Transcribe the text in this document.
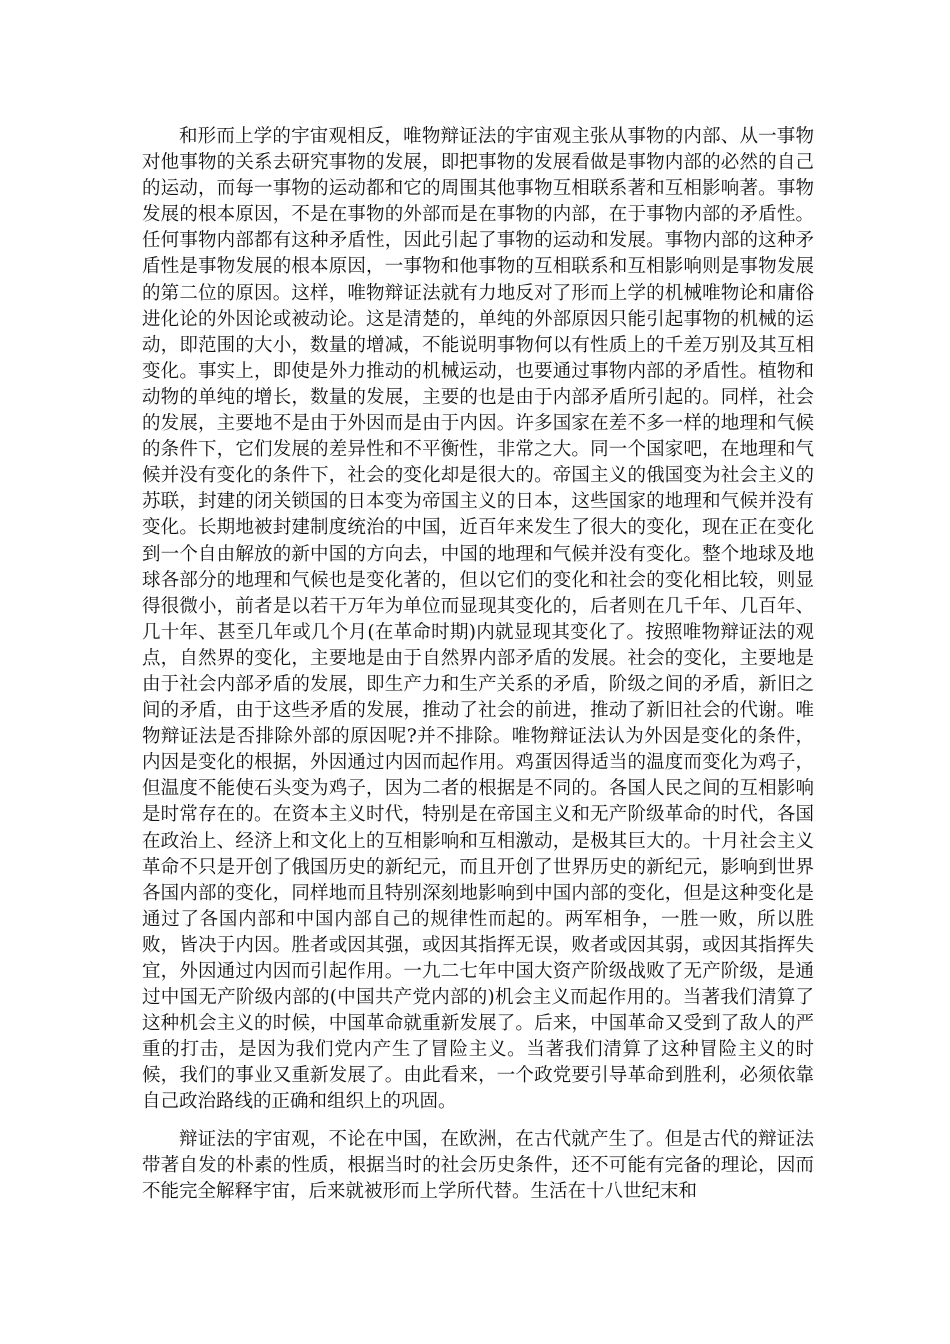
和形而上学的宇宙观相反，唯物辩证法的宇宙观主张从事物的内部、从一事物对他事物的关系去研究事物的发展，即把事物的发展看做是事物内部的必然的自己的运动，而每一事物的运动都和它的周围其他事物互相联系著和互相影响著。事物发展的根本原因，不是在事物的外部而是在事物的内部，在于事物内部的矛盾性。任何事物内部都有这种矛盾性，因此引起了事物的运动和发展。事物内部的这种矛盾性是事物发展的根本原因，一事物和他事物的互相联系和互相影响则是事物发展的第二位的原因。这样，唯物辩证法就有力地反对了形而上学的机械唯物论和庸俗进化论的外因论或被动论。这是清楚的，单纯的外部原因只能引起事物的机械的运动，即范围的大小，数量的增减，不能说明事物何以有性质上的千差万别及其互相变化。事实上，即使是外力推动的机械运动，也要通过事物内部的矛盾性。植物和动物的单纯的增长，数量的发展，主要的也是由于内部矛盾所引起的。同样，社会的发展，主要地不是由于外因而是由于内因。许多国家在差不多一样的地理和气候的条件下，它们发展的差异性和不平衡性，非常之大。同一个国家吧，在地理和气候并没有变化的条件下，社会的变化却是很大的。帝国主义的俄国变为社会主义的苏联，封建的闭关锁国的日本变为帝国主义的日本，这些国家的地理和气候并没有变化。长期地被封建制度统治的中国，近百年来发生了很大的变化，现在正在变化到一个自由解放的新中国的方向去，中国的地理和气候并没有变化。整个地球及地球各部分的地理和气候也是变化著的，但以它们的变化和社会的变化相比较，则显得很微小，前者是以若干万年为单位而显现其变化的，后者则在几千年、几百年、几十年、甚至几年或几个月(在革命时期)内就显现其变化了。按照唯物辩证法的观点，自然界的变化，主要地是由于自然界内部矛盾的发展。社会的变化，主要地是由于社会内部矛盾的发展，即生产力和生产关系的矛盾，阶级之间的矛盾，新旧之间的矛盾，由于这些矛盾的发展，推动了社会的前进，推动了新旧社会的代谢。唯物辩证法是否排除外部的原因呢?并不排除。唯物辩证法认为外因是变化的条件，内因是变化的根据，外因通过内因而起作用。鸡蛋因得适当的温度而变化为鸡子，但温度不能使石头变为鸡子，因为二者的根据是不同的。各国人民之间的互相影响是时常存在的。在资本主义时代，特别是在帝国主义和无产阶级革命的时代，各国在政治上、经济上和文化上的互相影响和互相激动，是极其巨大的。十月社会主义革命不只是开创了俄国历史的新纪元，而且开创了世界历史的新纪元，影响到世界各国内部的变化，同样地而且特别深刻地影响到中国内部的变化，但是这种变化是通过了各国内部和中国内部自己的规律性而起的。两军相争，一胜一败，所以胜败，皆决于内因。胜者或因其强，或因其指挥无误，败者或因其弱，或因其指挥失宜，外因通过内因而引起作用。一九二七年中国大资产阶级战败了无产阶级，是通过中国无产阶级内部的(中国共产党内部的)机会主义而起作用的。当著我们清算了这种机会主义的时候，中国革命就重新发展了。后来，中国革命又受到了敌人的严重的打击，是因为我们党内产生了冒险主义。当著我们清算了这种冒险主义的时候，我们的事业又重新发展了。由此看来，一个政党要引导革命到胜利，必须依靠自己政治路线的正确和组织上的巩固。

辩证法的宇宙观，不论在中国，在欧洲，在古代就产生了。但是古代的辩证法带著自发的朴素的性质，根据当时的社会历史条件，还不可能有完备的理论，因而不能完全解释宇宙，后来就被形而上学所代替。生活在十八世纪末和
